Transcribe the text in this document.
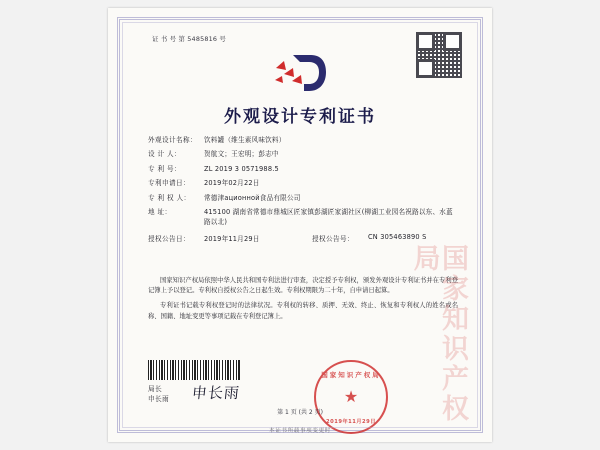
证 书 号 第 5485816 号
外观设计专利证书
外观设计名称：	饮料罐（维生素风味饮料）
设 计 人：	贺航文；王宏明；彭志中
专 利 号：	ZL 2019 3 0571988.5
专利申请日：	2019年02月22日
专 利 权 人：	常德津ационной食品有限公司
地 址：	415100 湖南省常德市鼎城区匠家镇彭湖匠家湖社区(柳湖工业园名祝路以东、水蓝路以北)
授权公告日：	2019年11月29日	授权公告号：	CN 305463890 S

国家知识产权局依照中华人民共和国专利法进行审查，决定授予专利权，颁发外观设计专利证书并在专利登记簿上予以登记。专利权自授权公告之日起生效。专利权期限为二十年，自申请日起算。

专利证书记载专利权登记时的法律状况。专利权的转移、质押、无效、终止、恢复和专利权人的姓名或名称、国籍、地址变更等事项记载在专利登记簿上。

局长
申长雨 申长雨
国家知识产权局
★
2019年11月29日	国家知识产权局
第 1 页 (共 2 页)
本证书所载事项变更时
